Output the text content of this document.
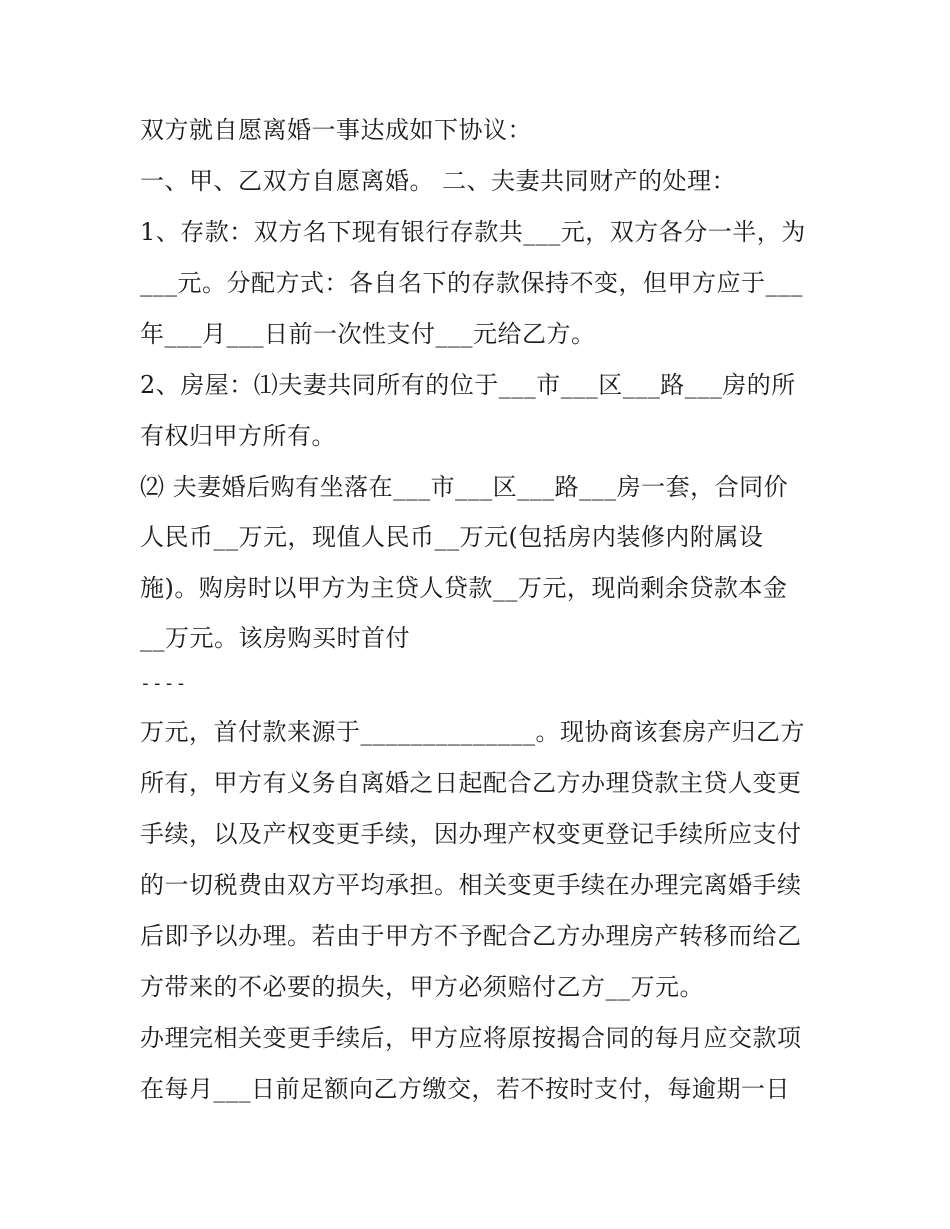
双方就自愿离婚一事达成如下协议：
一、甲、乙双方自愿离婚。 二、夫妻共同财产的处理：
1、存款：双方名下现有银行存款共___元，双方各分一半，为
___元。分配方式：各自名下的存款保持不变，但甲方应于___
年___月___日前一次性支付___元给乙方。
2、房屋：⑴夫妻共同所有的位于___市___区___路___房的所
有权归甲方所有。
⑵ 夫妻婚后购有坐落在___市___区___路___房一套，合同价
人民币__万元，现值人民币__万元(包括房内装修内附属设
施)。购房时以甲方为主贷人贷款__万元，现尚剩余贷款本金
__万元。该房购买时首付
----
万元，首付款来源于______________。现协商该套房产归乙方
所有，甲方有义务自离婚之日起配合乙方办理贷款主贷人变更
手续，以及产权变更手续，因办理产权变更登记手续所应支付
的一切税费由双方平均承担。相关变更手续在办理完离婚手续
后即予以办理。若由于甲方不予配合乙方办理房产转移而给乙
方带来的不必要的损失，甲方必须赔付乙方__万元。
办理完相关变更手续后，甲方应将原按揭合同的每月应交款项
在每月___日前足额向乙方缴交，若不按时支付，每逾期一日
